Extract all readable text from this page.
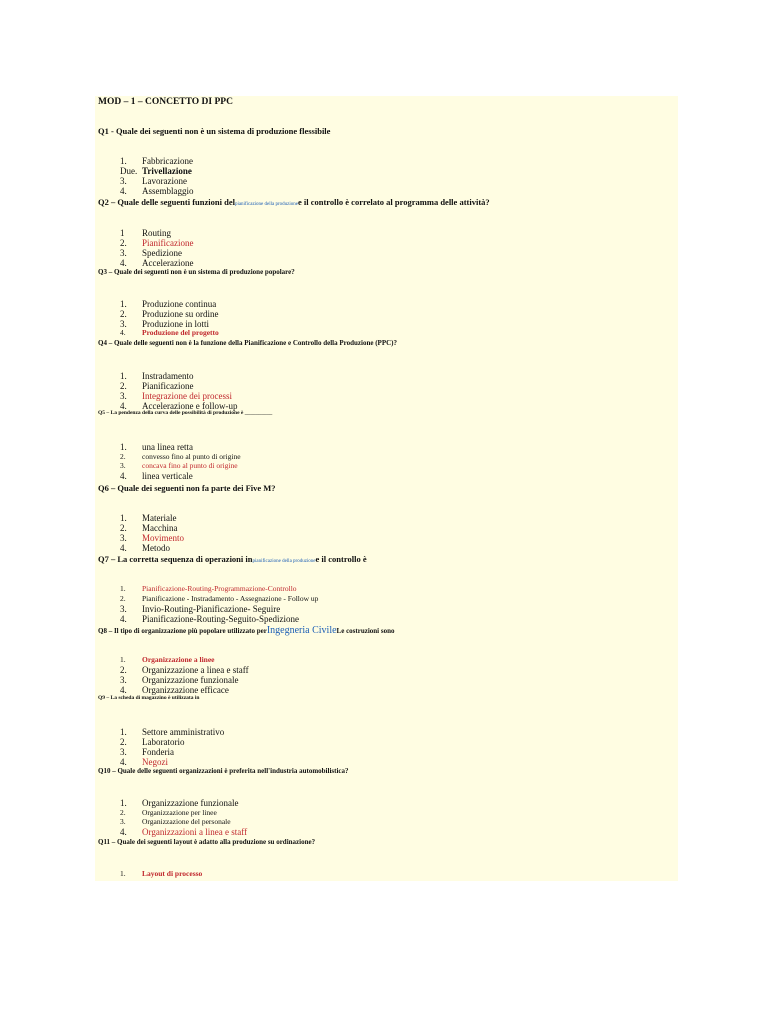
MOD – 1 – CONCETTO DI PPC
Q1 - Quale dei seguenti non è un sistema di produzione flessibile
1. Fabbricazione
Due. Trivellazione
3. Lavorazione
4. Assemblaggio
Q2 – Quale delle seguenti funzioni delpianificazione della produzionee il controllo è correlato al programma delle attività?
1 Routing
2. Pianificazione
3. Spedizione
4. Accelerazione
Q3 – Quale dei seguenti non è un sistema di produzione popolare?
1. Produzione continua
2. Produzione su ordine
3. Produzione in lotti
4. Produzione del progetto
Q4 – Quale delle seguenti non è la funzione della Pianificazione e Controllo della Produzione (PPC)?
1. Instradamento
2. Pianificazione
3. Integrazione dei processi
4. Accelerazione e follow-up
Q5 – La pendenza della curva delle possibilità di produzione è __________
1. una linea retta
2. convesso fino al punto di origine
3. concava fino al punto di origine
4. linea verticale
Q6 – Quale dei seguenti non fa parte dei Five M?
1. Materiale
2. Macchina
3. Movimento
4. Metodo
Q7 – La corretta sequenza di operazioni inpianificazione della produzionee il controllo è
1. Pianificazione-Routing-Programmazione-Controllo
2. Pianificazione - Instradamento - Assegnazione - Follow up
3. Invio-Routing-Pianificazione- Seguire
4. Pianificazione-Routing-Seguito-Spedizione
Q8 – Il tipo di organizzazione più popolare utilizzato perIngegneria CivileLe costruzioni sono
1. Organizzazione a linee
2. Organizzazione a linea e staff
3. Organizzazione funzionale
4. Organizzazione efficace
Q9 – La scheda di magazzino è utilizzata in
1. Settore amministrativo
2. Laboratorio
3. Fonderia
4. Negozi
Q10 – Quale delle seguenti organizzazioni è preferita nell'industria automobilistica?
1. Organizzazione funzionale
2. Organizzazione per linee
3. Organizzazione del personale
4. Organizzazioni a linea e staff
Q11 – Quale dei seguenti layout è adatto alla produzione su ordinazione?
1. Layout di processo
